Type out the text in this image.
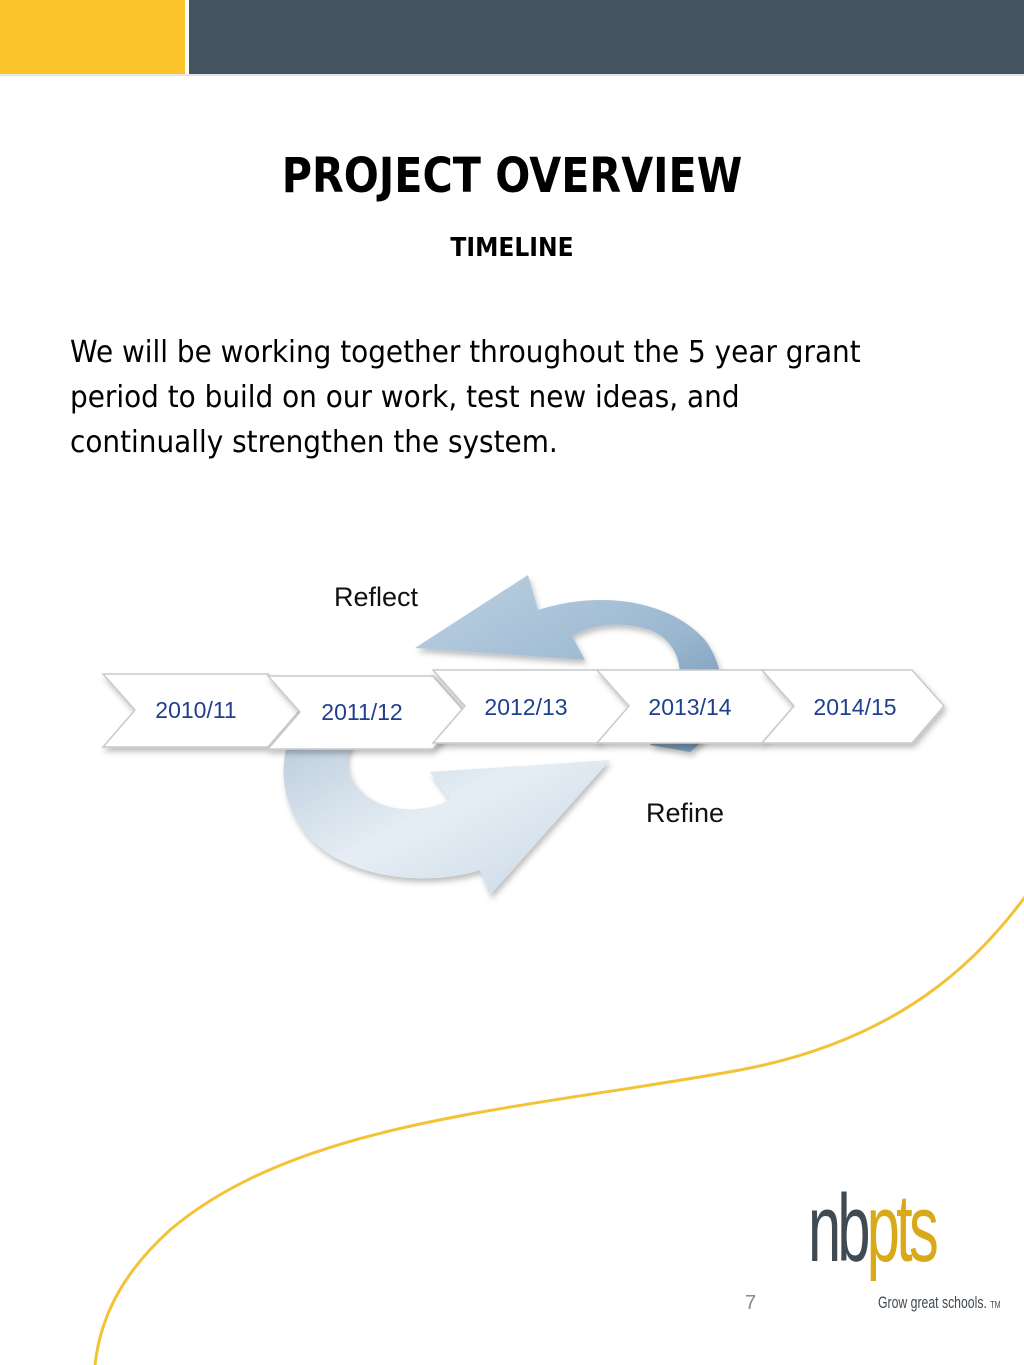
PROJECT OVERVIEW
TIMELINE
We will be working together throughout the 5 year grant period to build on our work, test new ideas, and continually strengthen the system.
2010/11	2011/12	2012/13	2013/14	2014/15
Reflect
Refine
7
nbpts
Grow great schools. TM
